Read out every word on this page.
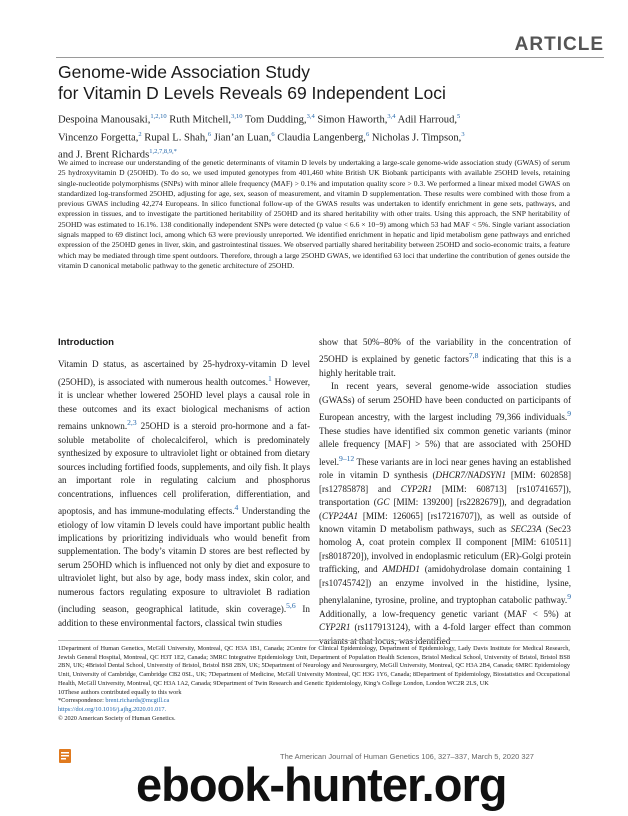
ARTICLE
Genome-wide Association Study
for Vitamin D Levels Reveals 69 Independent Loci
Despoina Manousaki,$^{1,2,10}$ Ruth Mitchell,$^{3,10}$ Tom Dudding,$^{3,4}$ Simon Haworth,$^{3,4}$ Adil Harroud,$^5$
Vincenzo Forgetta,$^2$ Rupal L. Shah,$^6$ Jian’an Luan,$^6$ Claudia Langenberg,$^6$ Nicholas J. Timpson,$^3$
and J. Brent Richards$^{1,2,7,8,9,*}$
We aimed to increase our understanding of the genetic determinants of vitamin D levels by undertaking a large-scale genome-wide association study (GWAS) of serum 25 hydroxyvitamin D (25OHD). To do so, we used imputed genotypes from 401,460 white British UK Biobank participants with available 25OHD levels, retaining single-nucleotide polymorphisms (SNPs) with minor allele frequency (MAF) > 0.1% and imputation quality score > 0.3. We performed a linear mixed model GWAS on standardized log-transformed 25OHD, adjusting for age, sex, season of measurement, and vitamin D supplementation. These results were combined with those from a previous GWAS including 42,274 Europeans. In silico functional follow-up of the GWAS results was undertaken to identify enrichment in gene sets, pathways, and expression in tissues, and to investigate the partitioned heritability of 25OHD and its shared heritability with other traits. Using this approach, the SNP heritability of 25OHD was estimated to 16.1%. 138 conditionally independent SNPs were detected (p value < 6.6 × 10−9) among which 53 had MAF < 5%. Single variant association signals mapped to 69 distinct loci, among which 63 were previously unreported. We identified enrichment in hepatic and lipid metabolism gene pathways and enriched expression of the 25OHD genes in liver, skin, and gastrointestinal tissues. We observed partially shared heritability between 25OHD and socio-economic traits, a feature which may be mediated through time spent outdoors. Therefore, through a large 25OHD GWAS, we identified 63 loci that underline the contribution of genes outside the vitamin D canonical metabolic pathway to the genetic architecture of 25OHD.
Introduction

Vitamin D status, as ascertained by 25-hydroxy-vitamin D level (25OHD), is associated with numerous health outcomes.$^1$ However, it is unclear whether lowered 25OHD level plays a causal role in these outcomes and its exact biological mechanisms of action remains unknown.$^{2,3}$ 25OHD is a steroid pro-hormone and a fat-soluble metabolite of cholecalciferol, which is predominately synthesized by exposure to ultraviolet light or obtained from dietary sources including fortified foods, supplements, and oily fish. It plays an important role in regulating calcium and phosphorus concentrations, influences cell proliferation, differentiation, and apoptosis, and has immune-modulating effects.$^4$ Understanding the etiology of low vitamin D levels could have important public health implications by prioritizing individuals who would benefit from supplementation. The body’s vitamin D stores are best reflected by serum 25OHD which is influenced not only by diet and exposure to ultraviolet light, but also by age, body mass index, skin color, and numerous factors regulating exposure to ultraviolet B radiation (including season, geographical latitude, skin coverage).$^{5,6}$ In addition to these environmental factors, classical twin studies

show that 50%–80% of the variability in the concentration of 25OHD is explained by genetic factors$^{7,8}$ indicating that this is a highly heritable trait.

In recent years, several genome-wide association studies (GWASs) of serum 25OHD have been conducted on participants of European ancestry, with the largest including 79,366 individuals.$^9$ These studies have identified six common genetic variants (minor allele frequency [MAF] > 5%) that are associated with 25OHD level.$^{9-12}$ These variants are in loci near genes having an established role in vitamin D synthesis (DHCR7/NADSYN1 [MIM: 602858] [rs12785878] and CYP2R1 [MIM: 608713] [rs10741657]), transportation (GC [MIM: 139200] [rs2282679]), and degradation (CYP24A1 [MIM: 126065] [rs17216707]), as well as outside of known vitamin D metabolism pathways, such as SEC23A (Sec23 homolog A, coat protein complex II component [MIM: 610511] [rs8018720]), involved in endoplasmic reticulum (ER)-Golgi protein trafficking, and AMDHD1 (amidohydrolase domain containing 1 [rs10745742]) an enzyme involved in the histidine, lysine, phenylalanine, tyrosine, proline, and tryptophan catabolic pathway.$^9$ Additionally, a low-frequency genetic variant (MAF < 5%) at CYP2R1 (rs117913124), with a 4-fold larger effect than common

1Department of Human Genetics, McGill University, Montreal, QC H3A 1B1, Canada; 2Centre for Clinical Epidemiology, Department of Epidemiology, Lady Davis Institute for Medical Research, Jewish General Hospital, Montreal, QC H3T 1E2, Canada; 3MRC Integrative Epidemiology Unit, Department of Population Health Sciences, Bristol Medical School, University of Bristol, Bristol BS8 2BN, UK; 4Bristol Dental School, University of Bristol, Bristol BS8 2BN, UK; 5Department of Neurology and Neurosurgery, McGill University, Montreal, QC H3A 2B4, Canada; 6MRC Epidemiology Unit, University of Cambridge, Cambridge CB2 0SL, UK; 7Department of Medicine, McGill University Montreal, QC H3G 1Y6, Canada; 8Department of Epidemiology, Biostatistics and Occupational Health, McGill University, Montreal, QC H3A 1A2, Canada; 9Department of Twin Research and Genetic Epidemiology, King’s College London, London WC2R 2LS, UK

10These authors contributed equally to this work

*Correspondence: brent.richards@mcgill.ca

https://doi.org/10.1016/j.ajhg.2020.01.017.

© 2020 American Society of Human Genetics.

The American Journal of Human Genetics 106, 327–337, March 5, 2020 327
ebook-hunter.org
